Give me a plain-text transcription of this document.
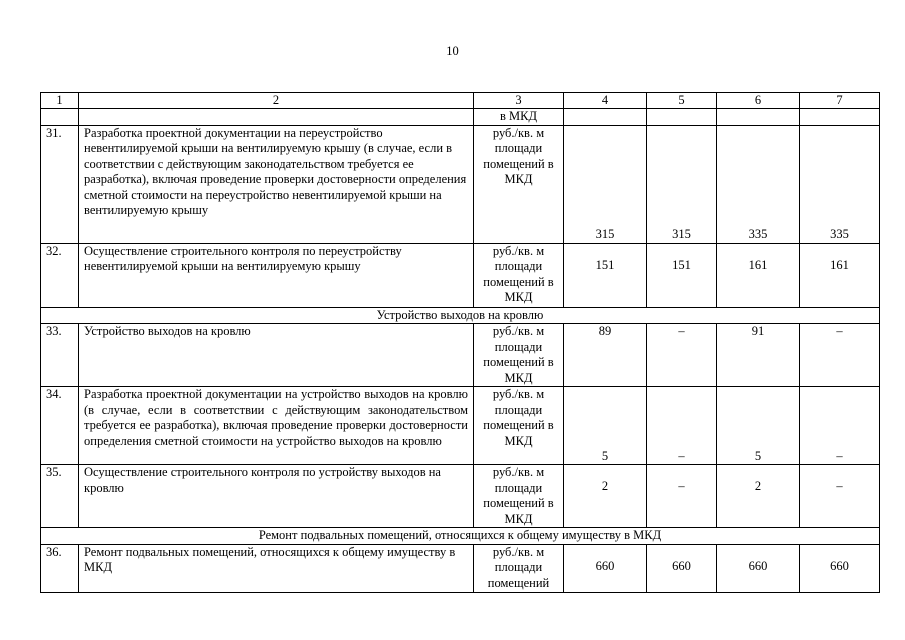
10
1	2	3	4	5	6	7
		в МКД				
31.	Разработка проектной документации на переустройство невентилируемой крыши на вентилируемую крышу (в случае, если в соответствии с действующим законодательством требуется ее разработка), включая проведение проверки достоверности определения сметной стоимости на переустройство невентилируемой крыши на вентилируемую крышу	руб./кв. м площади помещений в МКД	315	315	335	335
32.	Осуществление строительного контроля по переустройству невентилируемой крыши на вентилируемую крышу	руб./кв. м площади помещений в МКД	151	151	161	161
Устройство выходов на кровлю						
33.	Устройство выходов на кровлю	руб./кв. м площади помещений в МКД	89	–	91	–
34.	Разработка проектной документации на устройство выходов на кровлю (в случае, если в соответствии с действующим законодательством требуется ее разработка), включая проведение проверки достоверности определения сметной стоимости на устройство выходов на кровлю	руб./кв. м площади помещений в МКД	5	–	5	–
35.	Осуществление строительного контроля по устройству выходов на кровлю	руб./кв. м площади помещений в МКД	2	–	2	–
Ремонт подвальных помещений, относящихся к общему имуществу в МКД						
36.	Ремонт подвальных помещений, относящихся к общему имуществу в МКД	руб./кв. м площади помещений	660	660	660	660
